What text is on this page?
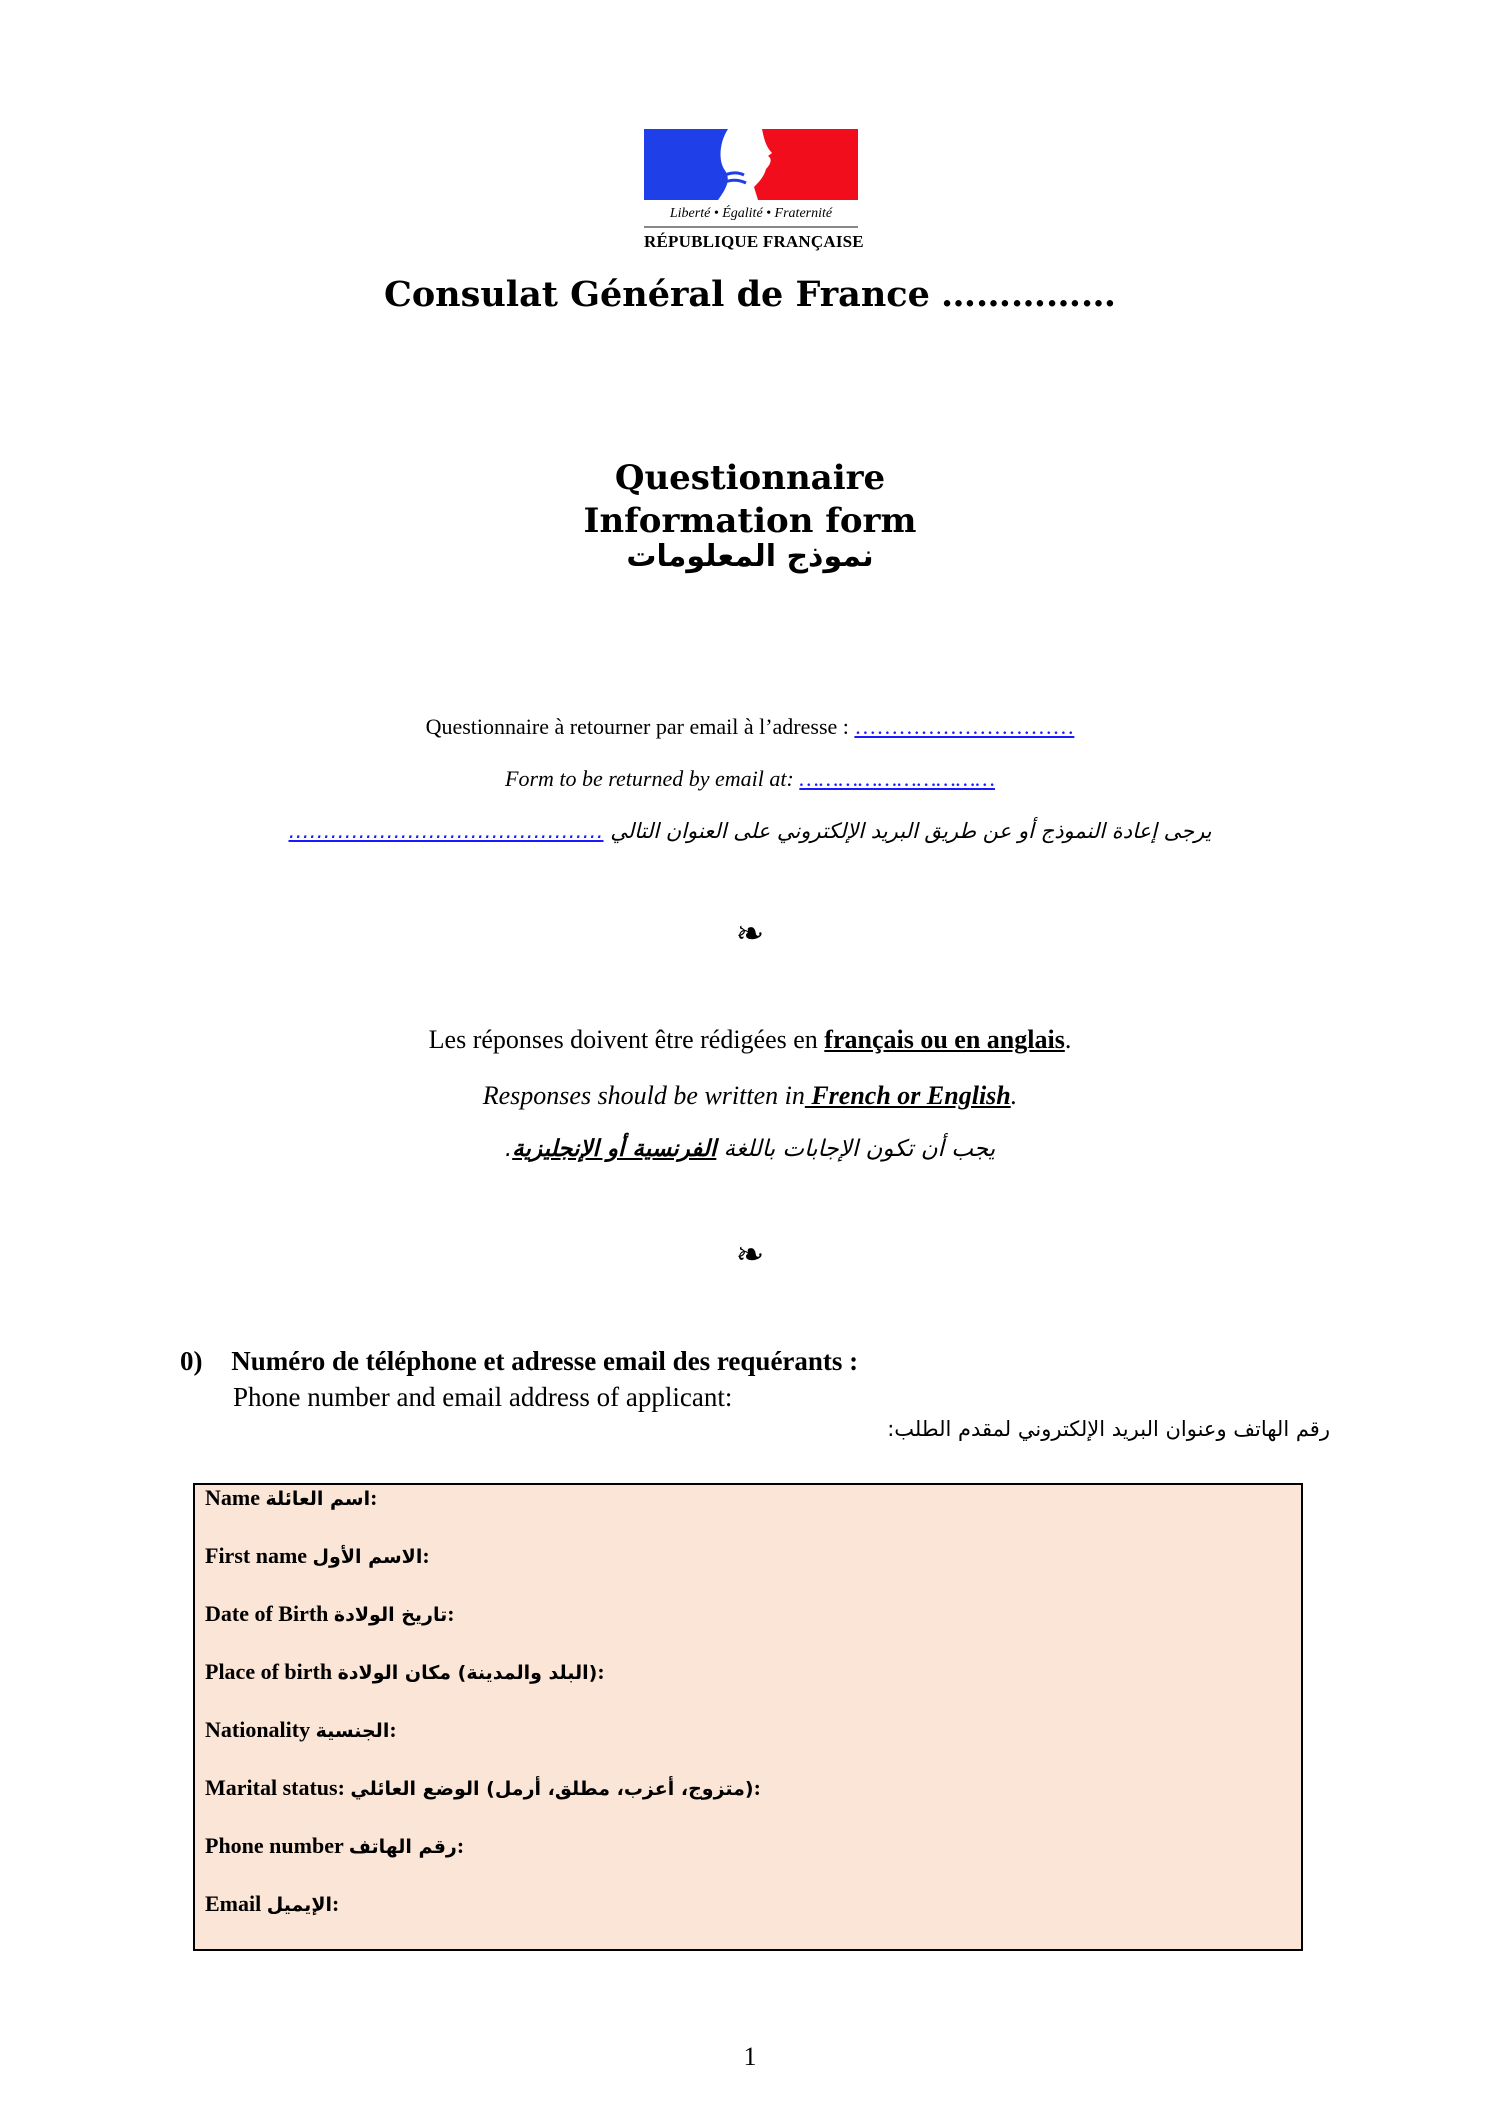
Liberté • Égalité • Fraternité
RÉPUBLIQUE FRANÇAISE
Consulat Général de France ……………
Questionnaire
Information form
نموذج المعلومات
Questionnaire à retourner par email à l’adresse : …………………………
Form to be returned by email at: …………………………
يرجى إعادة النموذج أو عن طريق البريد الإلكتروني على العنوان التالي ………………………………………
❧
Les réponses doivent être rédigées en français ou en anglais.
Responses should be written in French or English.
يجب أن تكون الإجابات باللغة الفرنسية أو الإنجليزية.
❧
0) Numéro de téléphone et adresse email des requérants :
Phone number and email address of applicant:
رقم الهاتف وعنوان البريد الإلكتروني لمقدم الطلب:
Name اسم العائلة:
First name الاسم الأول:
Date of Birth تاريخ الولادة:
Place of birth (البلد والمدينة) مكان الولادة:
Nationality الجنسية:
Marital status: (متزوج، أعزب، مطلق، أرمل) الوضع العائلي:
Phone number رقم الهاتف:
Email الإيميل:
1
